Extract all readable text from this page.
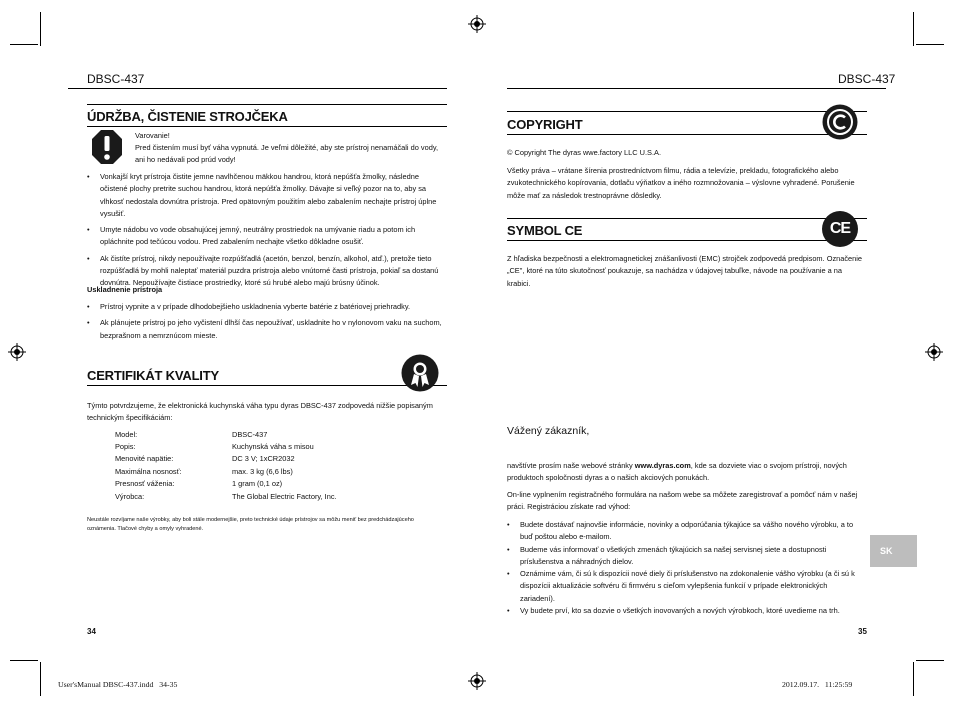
DBSC-437	DBSC-437
ÚDRŽBA, ČISTENIE STROJČEKA
Varovanie!
Pred čistením musí byť váha vypnutá. Je veľmi dôležité, aby ste prístroj nenamáčali do vody, ani ho nedávali pod prúd vody!
• Vonkajší kryt prístroja čistite jemne navlhčenou mäkkou handrou, ktorá nepúšťa žmolky, následne očistené plochy pretrite suchou handrou, ktorá nepúšťa žmolky. Dávajte si veľký pozor na to, aby sa vlhkosť nedostala dovnútra prístroja. Pred opätovným použitím alebo zabalením nechajte prístroj úplne vysušiť.
• Umyte nádobu vo vode obsahujúcej jemný, neutrálny prostriedok na umývanie riadu a potom ich opláchnite pod tečúcou vodou. Pred zabalením nechajte všetko dôkladne osušiť.
• Ak čistíte prístroj, nikdy nepoužívajte rozpúšťadlá (acetón, benzol, benzín, alkohol, atď.), pretože tieto rozpúšťadlá by mohli naleptať materiál puzdra prístroja alebo vnútorné časti prístroja, pokiaľ sa dostanú dovnútra. Nepoužívajte čistiace prostriedky, ktoré sú hrubé alebo majú brúsny účinok.
Uskladnenie prístroja
• Prístroj vypnite a v prípade dlhodobejšieho uskladnenia vyberte batérie z batériovej priehradky.
• Ak plánujete prístroj po jeho vyčistení dlhší čas nepoužívať, uskladnite ho v nylonovom vaku na suchom, bezprašnom a nemrznúcom mieste.
CERTIFIKÁT KVALITY
Týmto potvrdzujeme, že elektronická kuchynská váha typu dyras DBSC-437 zodpovedá nižšie popisaným technickým špecifikáciám:
Model:	DBSC-437
Popis:	Kuchynská váha s misou
Menovité napätie:	DC 3 V; 1xCR2032
Maximálna nosnosť:	max. 3 kg (6,6 lbs)
Presnosť váženia:	1 gram (0,1 oz)
Výrobca:	The Global Electric Factory, Inc.
Neustále rozvíjame naše výrobky, aby boli stále modernejšie, preto technické údaje prístrojov sa môžu meniť bez predchádzajúceho oznámenia. Tlačové chyby a omyly vyhradené.
34
COPYRIGHT
© Copyright The dyras wwe.factory LLC U.S.A.
Všetky práva – vrátane šírenia prostredníctvom filmu, rádia a televízie, prekladu, fotografického alebo zvukotechnického kopírovania, dotlaču výňatkov a iného rozmnožovania – výslovne vyhradené. Porušenie môže mať za následok trestnoprávne dôsledky.
SYMBOL CE	CE
Z hľadiska bezpečnosti a elektromagnetickej znášanlivosti (EMC) strojček zodpovedá predpisom. Označenie „CE", ktoré na túto skutočnosť poukazuje, sa nachádza v údajovej tabuľke, návode na používanie a na krabici.
Vážený zákazník,
navštívte prosím naše webové stránky www.dyras.com, kde sa dozviete viac o svojom prístroji, nových produktoch spoločnosti dyras a o našich akciových ponukách.
On-line vyplnením registračného formulára na našom webe sa môžete zaregistrovať a pomôcť nám v našej práci. Registráciou získate rad výhod:
• Budete dostávať najnovšie informácie, novinky a odporúčania týkajúce sa vášho nového výrobku, a to buď poštou alebo e-mailom.
• Budeme vás informovať o všetkých zmenách týkajúcich sa našej servisnej siete a dostupnosti príslušenstva a náhradných dielov.
• Oznámime vám, či sú k dispozícii nové diely či príslušenstvo na zdokonalenie vášho výrobku (a či sú k dispozícii aktualizácie softvéru či firmvéru s cieľom vylepšenia funkcií v prípade elektronických zariadení).
• Vy budete prví, kto sa dozvie o všetkých inovovaných a nových výrobkoch, ktoré uvedieme na trh.
SK
35
User'sManual DBSC-437.indd   34-35	2012.09.17.   11:25:59
